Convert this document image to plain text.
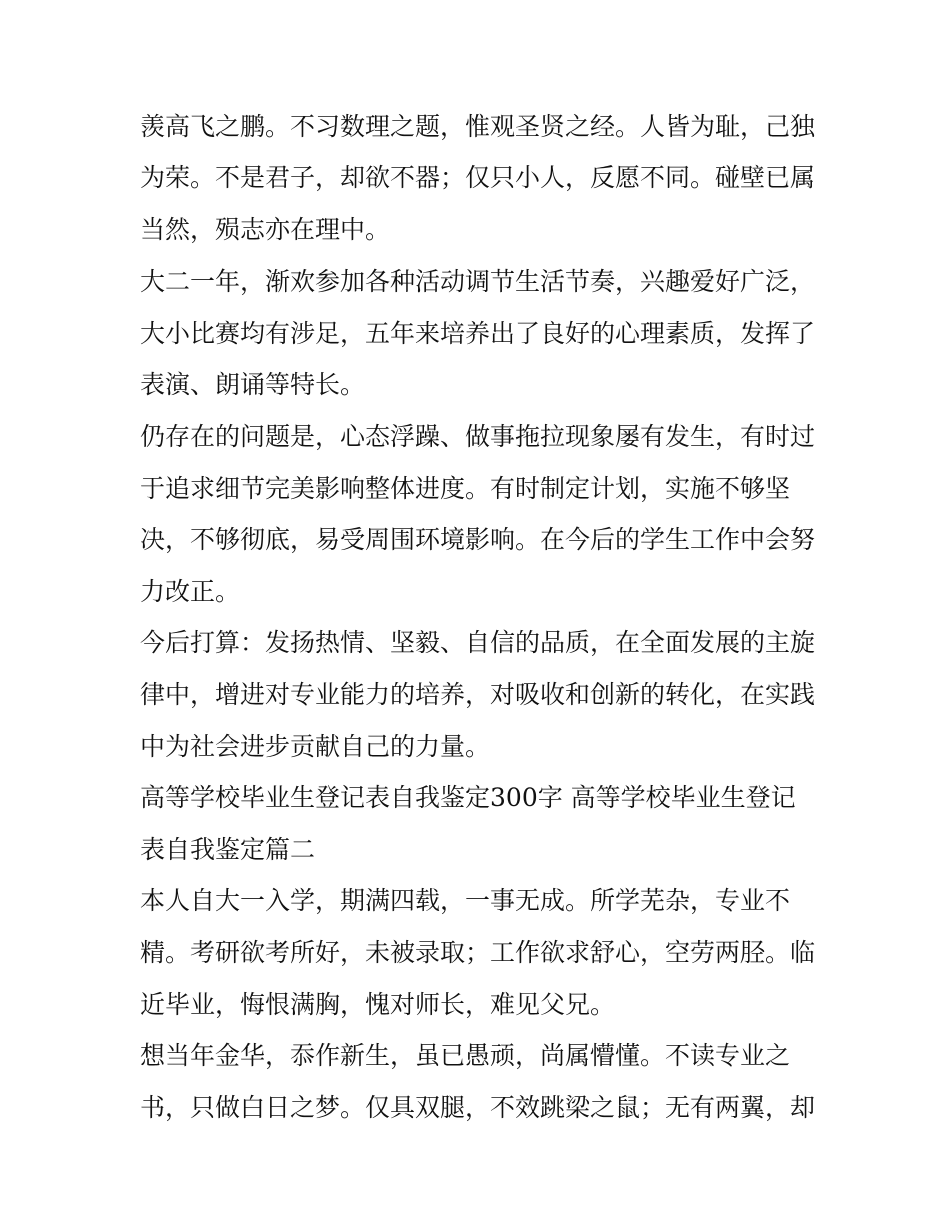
羡高飞之鹏。不习数理之题，惟观圣贤之经。人皆为耻，己独
为荣。不是君子，却欲不器；仅只小人，反愿不同。碰壁已属
当然，殒志亦在理中。
大二一年，渐欢参加各种活动调节生活节奏，兴趣爱好广泛，
大小比赛均有涉足，五年来培养出了良好的心理素质，发挥了
表演、朗诵等特长。
仍存在的问题是，心态浮躁、做事拖拉现象屡有发生，有时过
于追求细节完美影响整体进度。有时制定计划，实施不够坚
决，不够彻底，易受周围环境影响。在今后的学生工作中会努
力改正。
今后打算：发扬热情、坚毅、自信的品质，在全面发展的主旋
律中，增进对专业能力的培养，对吸收和创新的转化，在实践
中为社会进步贡献自己的力量。
高等学校毕业生登记表自我鉴定300字 高等学校毕业生登记
表自我鉴定篇二
本人自大一入学，期满四载，一事无成。所学芜杂，专业不
精。考研欲考所好，未被录取；工作欲求舒心，空劳两胫。临
近毕业，悔恨满胸，愧对师长，难见父兄。
想当年金华，忝作新生，虽已愚顽，尚属懵懂。不读专业之
书，只做白日之梦。仅具双腿，不效跳梁之鼠；无有两翼，却
